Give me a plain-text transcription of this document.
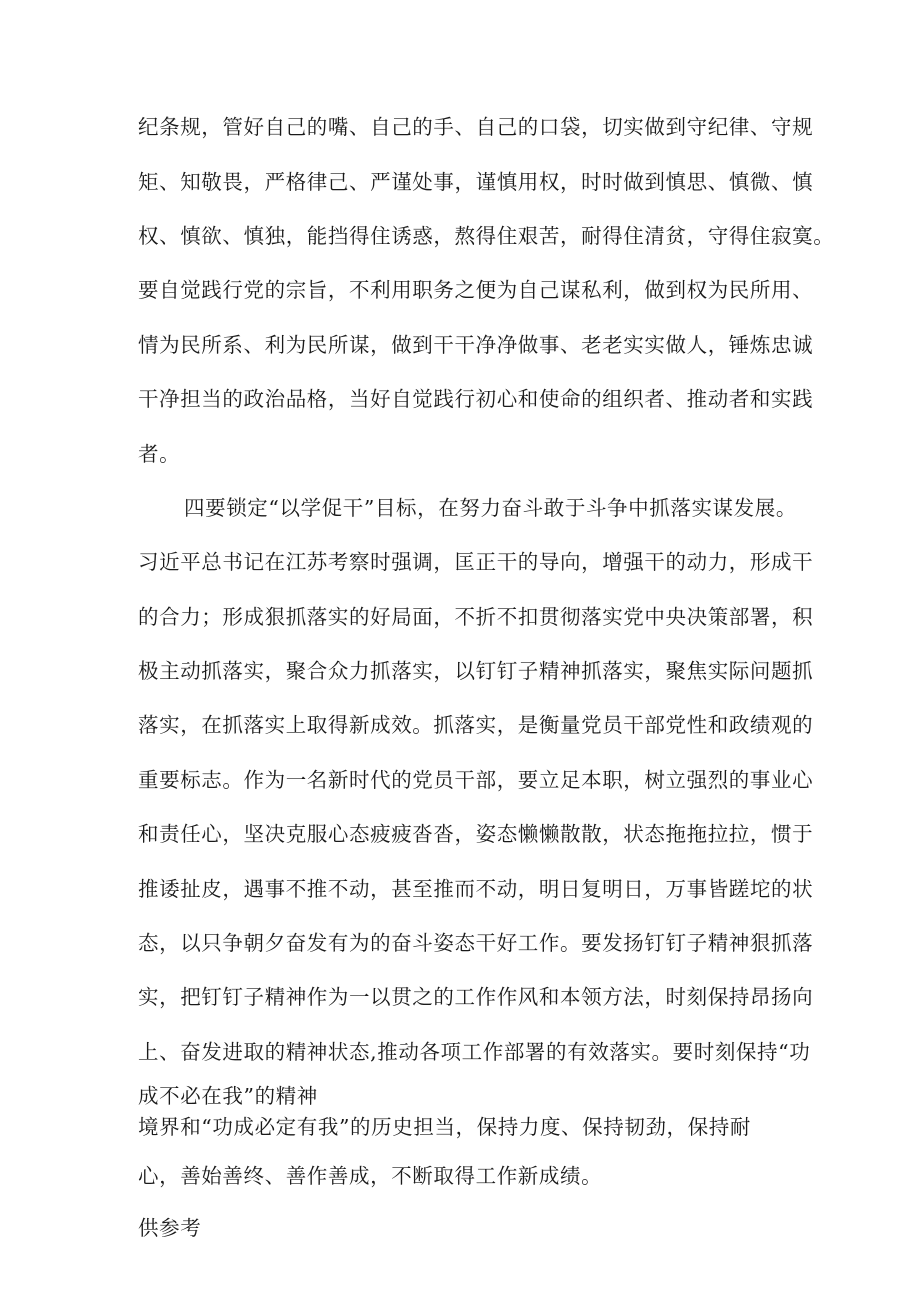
纪条规，管好自己的嘴、自己的手、自己的口袋，切实做到守纪律、守规
矩、知敬畏，严格律己、严谨处事，谨慎用权，时时做到慎思、慎微、慎
权、慎欲、慎独，能挡得住诱惑，熬得住艰苦，耐得住清贫，守得住寂寞。
要自觉践行党的宗旨，不利用职务之便为自己谋私利，做到权为民所用、
情为民所系、利为民所谋，做到干干净净做事、老老实实做人，锤炼忠诚
干净担当的政治品格，当好自觉践行初心和使命的组织者、推动者和实践
者。
四要锁定“以学促干”目标，在努力奋斗敢于斗争中抓落实谋发展。
习近平总书记在江苏考察时强调，匡正干的导向，增强干的动力，形成干
的合力；形成狠抓落实的好局面，不折不扣贯彻落实党中央决策部署，积
极主动抓落实，聚合众力抓落实，以钉钉子精神抓落实，聚焦实际问题抓
落实，在抓落实上取得新成效。抓落实，是衡量党员干部党性和政绩观的
重要标志。作为一名新时代的党员干部，要立足本职，树立强烈的事业心
和责任心，坚决克服心态疲疲沓沓，姿态懒懒散散，状态拖拖拉拉，惯于
推诿扯皮，遇事不推不动，甚至推而不动，明日复明日，万事皆蹉坨的状
态，以只争朝夕奋发有为的奋斗姿态干好工作。要发扬钉钉子精神狠抓落
实，把钉钉子精神作为一以贯之的工作作风和本领方法，时刻保持昂扬向
上、奋发进取的精神状态,推动各项工作部署的有效落实。要时刻保持“功
成不必在我”的精神
境界和“功成必定有我”的历史担当，保持力度、保持韧劲，保持耐
心，善始善终、善作善成，不断取得工作新成绩。
供参考
